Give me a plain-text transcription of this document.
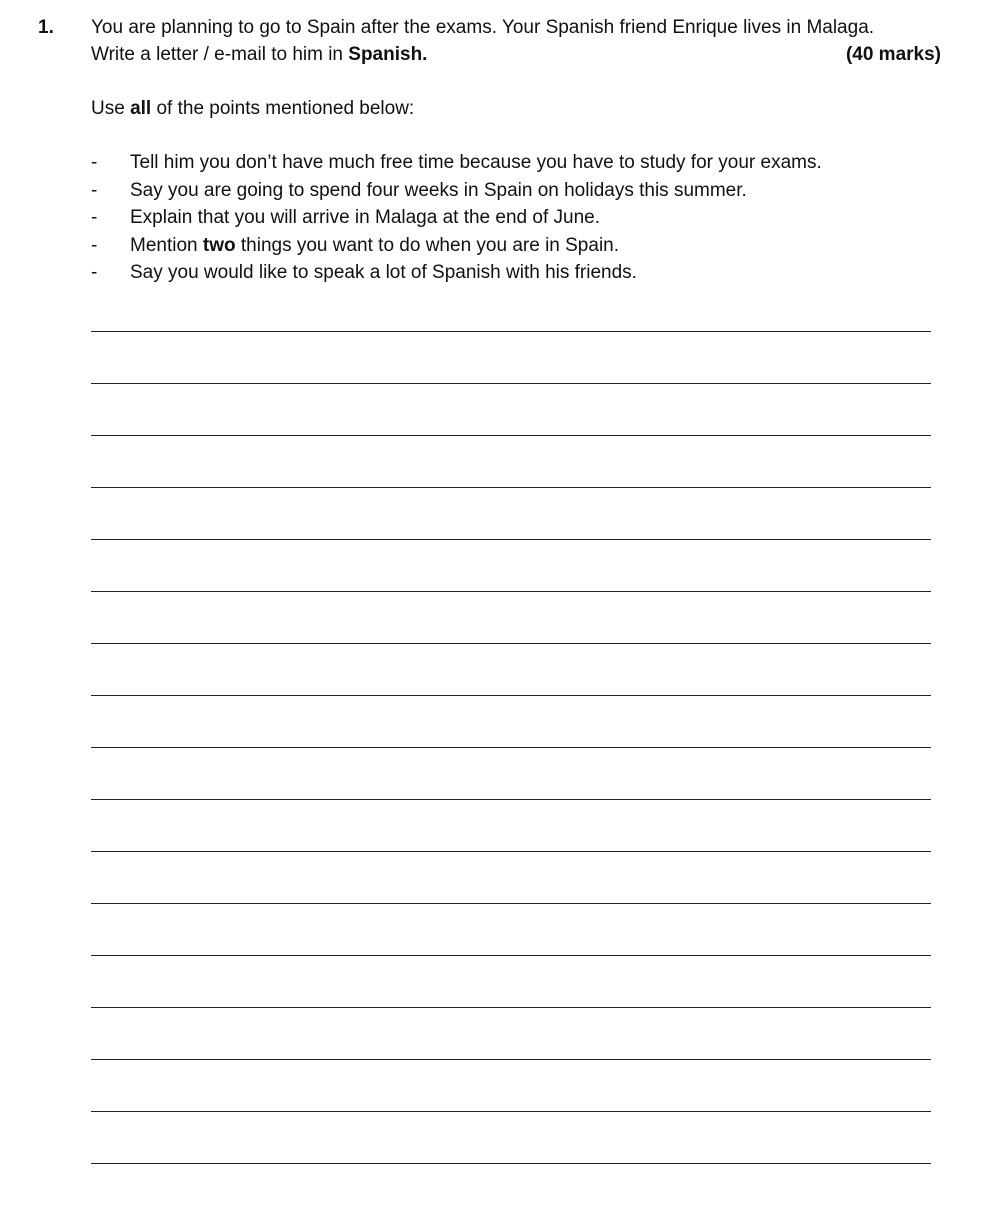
1. You are planning to go to Spain after the exams. Your Spanish friend Enrique lives in Malaga.
Write a letter / e-mail to him in Spanish.	(40 marks)
Use all of the points mentioned below:
- Tell him you don’t have much free time because you have to study for your exams.
- Say you are going to spend four weeks in Spain on holidays this summer.
- Explain that you will arrive in Malaga at the end of June.
- Mention two things you want to do when you are in Spain.
- Say you would like to speak a lot of Spanish with his friends.
